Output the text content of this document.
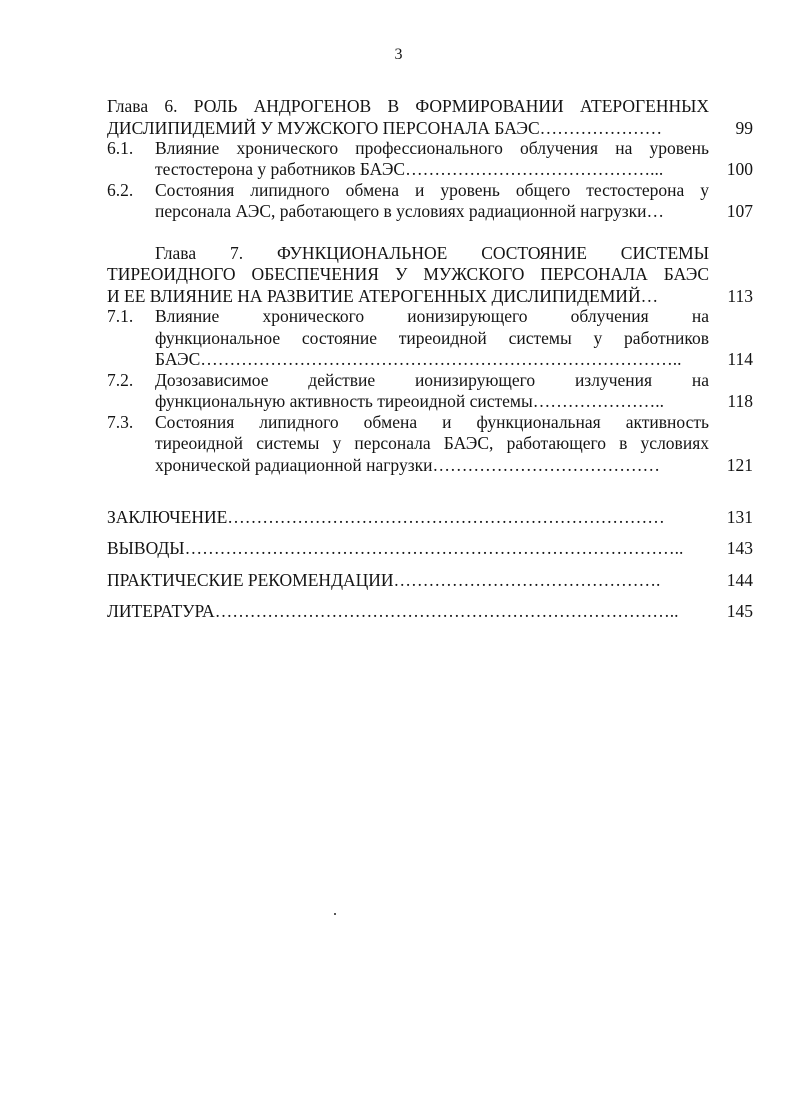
3
Глава 6. РОЛЬ АНДРОГЕНОВ В ФОРМИРОВАНИИ АТЕРОГЕННЫХ
ДИСЛИПИДЕМИЙ У МУЖСКОГО ПЕРСОНАЛА БАЭС…………………	99
6.1. Влияние хронического профессионального облучения на уровень
тестостерона у работников БАЭС……………………………………...	100
6.2. Состояния липидного обмена и уровень общего тестостерона у
персонала АЭС, работающего в условиях радиационной нагрузки…	107
Глава 7. ФУНКЦИОНАЛЬНОЕ СОСТОЯНИЕ СИСТЕМЫ
ТИРЕОИДНОГО ОБЕСПЕЧЕНИЯ У МУЖСКОГО ПЕРСОНАЛА БАЭС
И ЕЕ ВЛИЯНИЕ НА РАЗВИТИЕ АТЕРОГЕННЫХ ДИСЛИПИДЕМИЙ…	113
7.1. Влияние хронического ионизирующего облучения на
функциональное состояние тиреоидной системы у работников
БАЭС………………………………………………………………………..	114
7.2. Дозозависимое действие ионизирующего излучения на
функциональную активность тиреоидной системы…………………..	118
7.3. Состояния липидного обмена и функциональная активность
тиреоидной системы у персонала БАЭС, работающего в условиях
хронической радиационной нагрузки…………………………………	121
ЗАКЛЮЧЕНИЕ…………………………………………………………………	131
ВЫВОДЫ…………………………………………………………………………..	143
ПРАКТИЧЕСКИЕ РЕКОМЕНДАЦИИ……………………………………….	144
ЛИТЕРАТУРА……………………………………………………………………..	145
